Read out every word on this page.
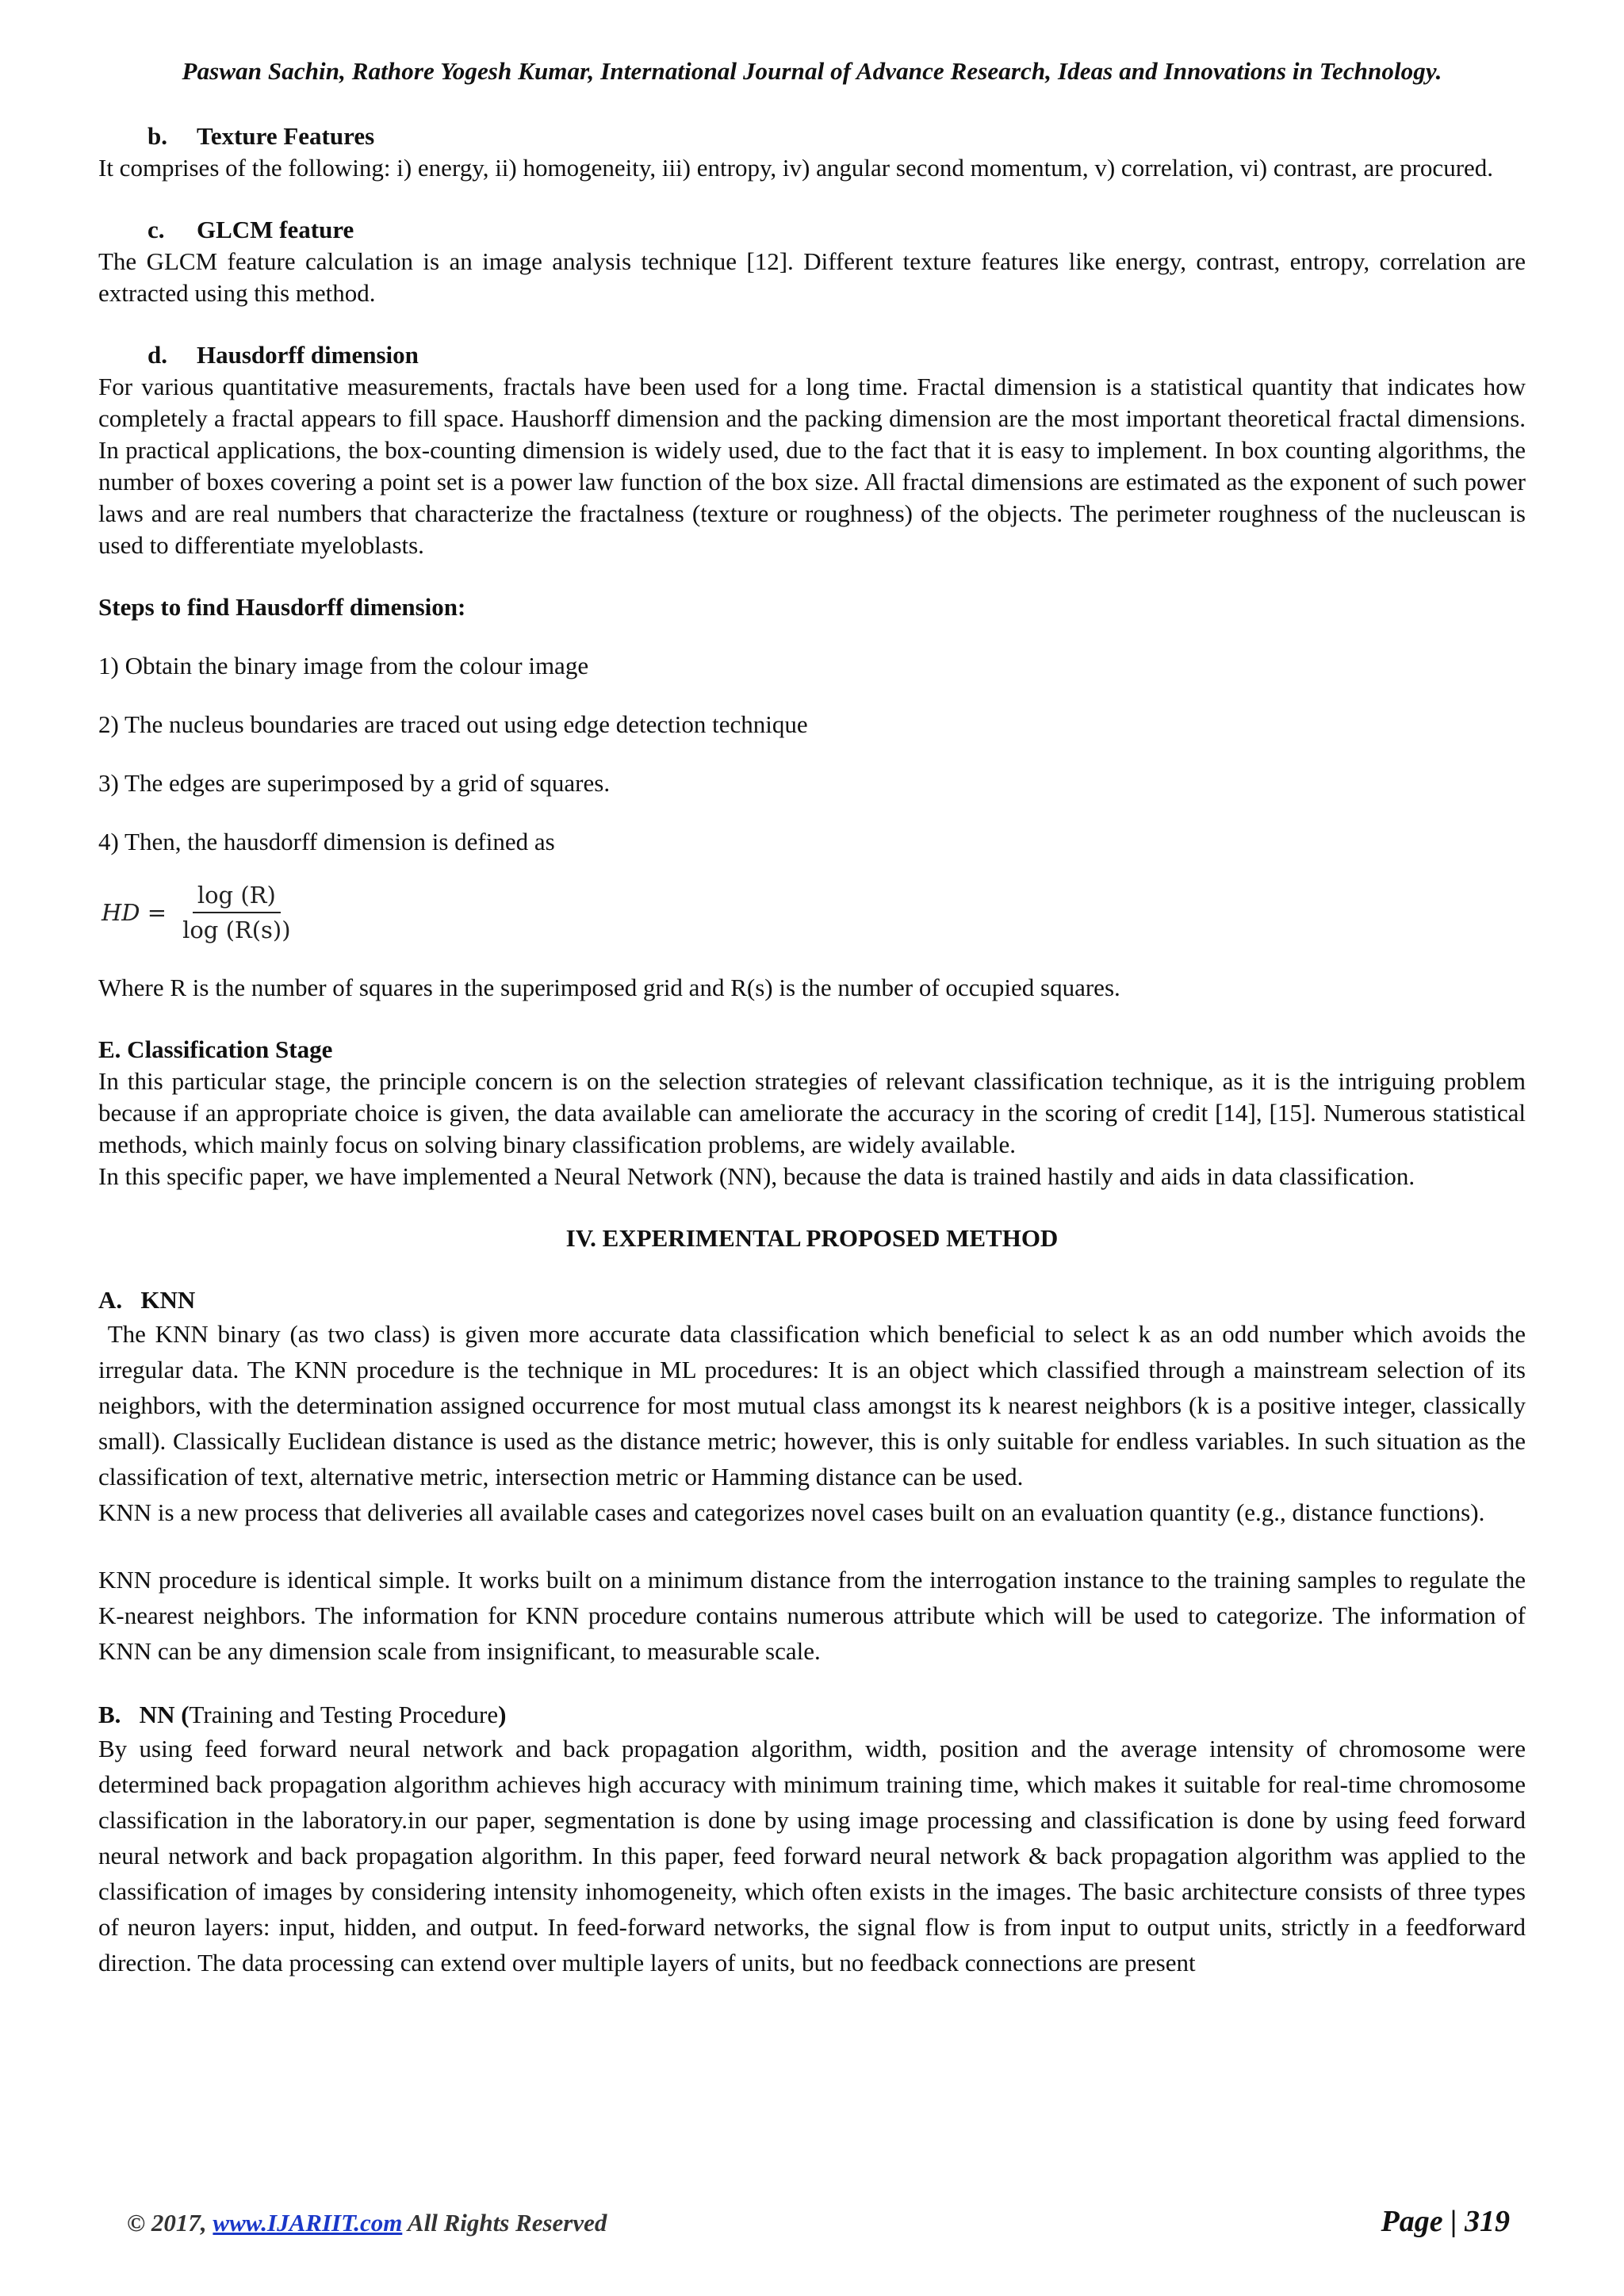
Paswan Sachin, Rathore Yogesh Kumar, International Journal of Advance Research, Ideas and Innovations in Technology.
b. Texture Features

It comprises of the following: i) energy, ii) homogeneity, iii) entropy, iv) angular second momentum, v) correlation, vi) contrast, are procured.

c. GLCM feature

The GLCM feature calculation is an image analysis technique [12]. Different texture features like energy, contrast, entropy, correlation are extracted using this method.

d. Hausdorff dimension

For various quantitative measurements, fractals have been used for a long time. Fractal dimension is a statistical quantity that indicates how completely a fractal appears to fill space. Haushorff dimension and the packing dimension are the most important theoretical fractal dimensions. In practical applications, the box-counting dimension is widely used, due to the fact that it is easy to implement. In box counting algorithms, the number of boxes covering a point set is a power law function of the box size. All fractal dimensions are estimated as the exponent of such power laws and are real numbers that characterize the fractalness (texture or roughness) of the objects. The perimeter roughness of the nucleuscan is used to differentiate myeloblasts.

Steps to find Hausdorff dimension:

1) Obtain the binary image from the colour image

2) The nucleus boundaries are traced out using edge detection technique

3) The edges are superimposed by a grid of squares.

4) Then, the hausdorff dimension is defined as

HD = $\frac{\log (R)}{\log (R(s))}$

Where R is the number of squares in the superimposed grid and R(s) is the number of occupied squares.

E. Classification Stage

In this particular stage, the principle concern is on the selection strategies of relevant classification technique, as it is the intriguing problem because if an appropriate choice is given, the data available can ameliorate the accuracy in the scoring of credit [14], [15]. Numerous statistical methods, which mainly focus on solving binary classification problems, are widely available.

In this specific paper, we have implemented a Neural Network (NN), because the data is trained hastily and aids in data classification.

IV. EXPERIMENTAL PROPOSED METHOD
A.   KNN

The KNN binary (as two class) is given more accurate data classification which beneficial to select k as an odd number which avoids the irregular data. The KNN procedure is the technique in ML procedures: It is an object which classified through a mainstream selection of its neighbors, with the determination assigned occurrence for most mutual class amongst its k nearest neighbors (k is a positive integer, classically small). Classically Euclidean distance is used as the distance metric; however, this is only suitable for endless variables. In such situation as the classification of text, alternative metric, intersection metric or Hamming distance can be used.

KNN is a new process that deliveries all available cases and categorizes novel cases built on an evaluation quantity (e.g., distance functions).

KNN procedure is identical simple. It works built on a minimum distance from the interrogation instance to the training samples to regulate the K-nearest neighbors. The information for KNN procedure contains numerous attribute which will be used to categorize. The information of KNN can be any dimension scale from insignificant, to measurable scale.

B.   NN (Training and Testing Procedure)

By using feed forward neural network and back propagation algorithm, width, position and the average intensity of chromosome were determined back propagation algorithm achieves high accuracy with minimum training time, which makes it suitable for real-time chromosome classification in the laboratory.in our paper, segmentation is done by using image processing and classification is done by using feed forward neural network and back propagation algorithm. In this paper, feed forward neural network & back propagation algorithm was applied to the classification of images by considering intensity inhomogeneity, which often exists in the images. The basic architecture consists of three types of neuron layers: input, hidden, and output. In feed-forward networks, the signal flow is from input to output units, strictly in a feedforward direction. The data processing can extend over multiple layers of units, but no feedback connections are present

© 2017, www.IJARIIT.com All Rights Reserved	Page | 319
